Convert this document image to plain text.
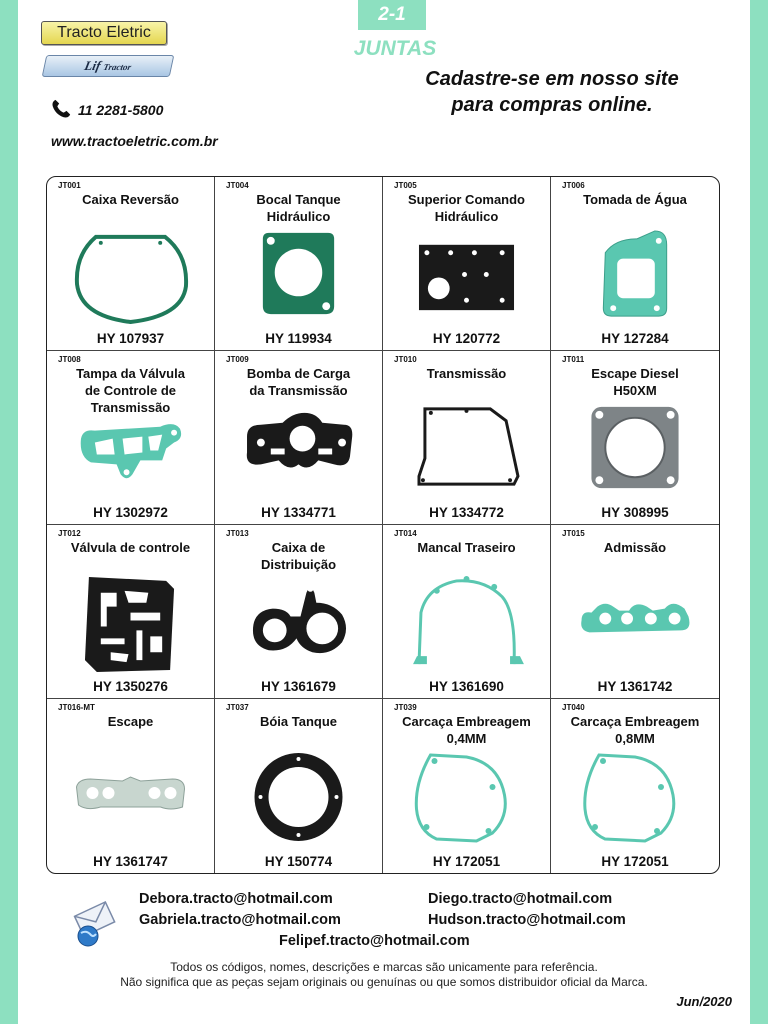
2-1
JUNTAS
Tracto Eletric
Lif Tractor
11 2281-5800
www.tractoeletric.com.br
Cadastre-se em nosso site
para compras online.
JT001
Caixa Reversão
HY 107937
JT004
Bocal Tanque
Hidráulico
HY 119934
JT005
Superior Comando
Hidráulico
HY 120772
JT006
Tomada de Água
HY 127284
JT008
Tampa da Válvula
de Controle de
Transmissão
HY 1302972
JT009
Bomba de Carga
da Transmissão
HY 1334771
JT010
Transmissão
HY 1334772
JT011
Escape Diesel
H50XM
HY 308995
JT012
Válvula de controle
HY 1350276
JT013
Caixa de
Distribuição
HY 1361679
JT014
Mancal Traseiro
HY 1361690
JT015
Admissão
HY 1361742
JT016-MT
Escape
HY 1361747
JT037
Bóia Tanque
HY 150774
JT039
Carcaça Embreagem
0,4MM
HY 172051
JT040
Carcaça Embreagem
0,8MM
HY 172051
Debora.tracto@hotmail.com	Diego.tracto@hotmail.com
Gabriela.tracto@hotmail.com	Hudson.tracto@hotmail.com
Felipef.tracto@hotmail.com
Todos os códigos, nomes, descrições e marcas são unicamente para referência.
Não significa que as peças sejam originais ou genuínas ou que somos distribuidor oficial da Marca.
Jun/2020
